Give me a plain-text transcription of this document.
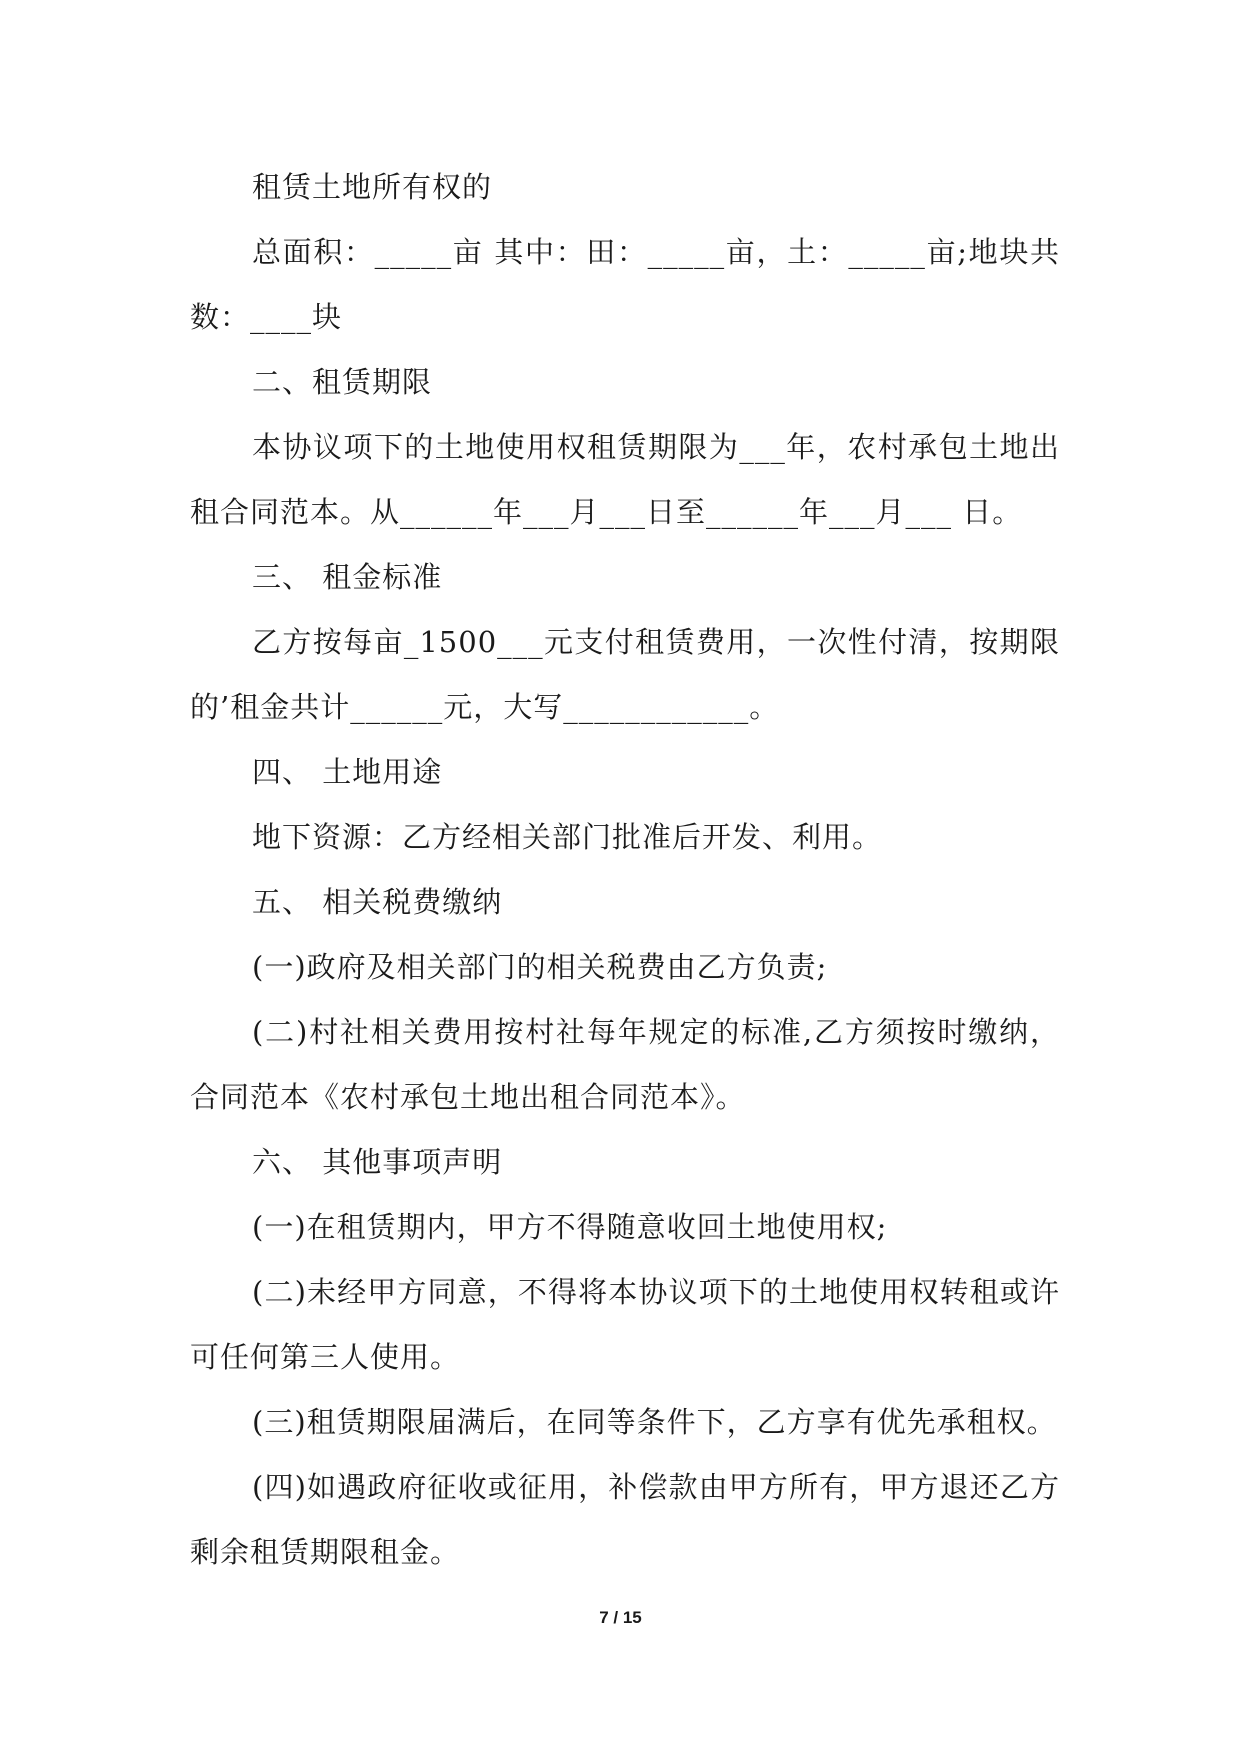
租赁土地所有权的

总面积：_____亩 其中：田：_____亩，土：_____亩;地块共数：____块

二、租赁期限

本协议项下的土地使用权租赁期限为___年，农村承包土地出租合同范本。从______年___月___日至______年___月___ 日。

三、 租金标准

乙方按每亩_1500___元支付租赁费用，一次性付清，按期限的’租金共计______元，大写____________。

四、 土地用途

地下资源：乙方经相关部门批准后开发、利用。

五、 相关税费缴纳

(一)政府及相关部门的相关税费由乙方负责;

(二)村社相关费用按村社每年规定的标准,乙方须按时缴纳，合同范本《农村承包土地出租合同范本》。

六、 其他事项声明

(一)在租赁期内，甲方不得随意收回土地使用权;

(二)未经甲方同意，不得将本协议项下的土地使用权转租或许可任何第三人使用。

(三)租赁期限届满后，在同等条件下，乙方享有优先承租权。

(四)如遇政府征收或征用，补偿款由甲方所有，甲方退还乙方剩余租赁期限租金。

7 / 15
